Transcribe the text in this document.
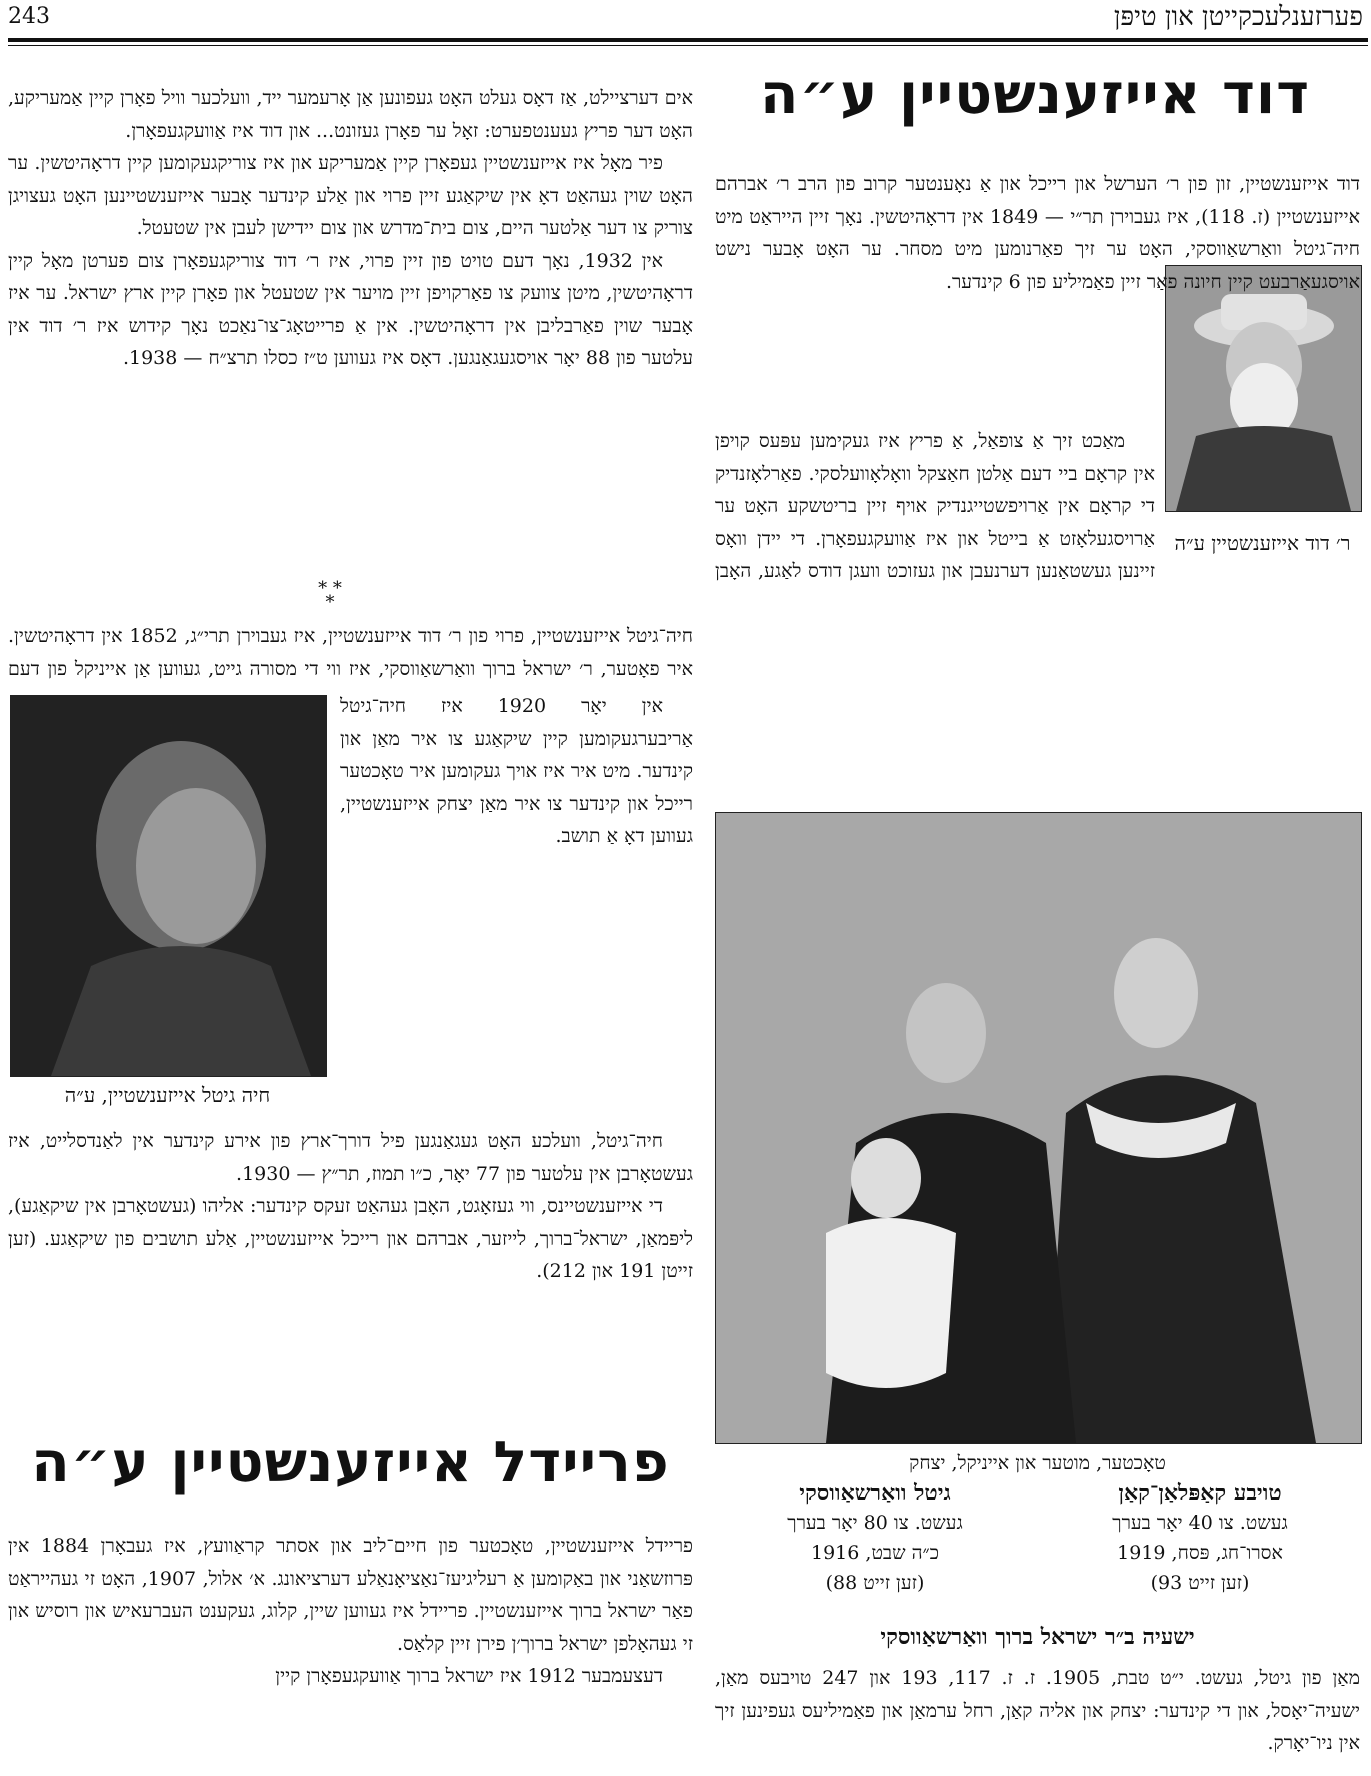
243	פערזענלעכקייטן און טיפּן
דוד אייזענשטיין ע״ה
ר׳ דוד אייזענשטיין ע״ה

דוד אייזענשטיין, זון פון ר׳ הערשל און רייכל און אַ נאָענטער קרוב פון הרב ר׳ אברהם אייזענשטיין (ז. 118), איז געבוירן תר״י — 1849 אין דראָהיטשין. נאָך זיין הייראַט מיט חיה־גיטל וואַרשאַווסקי, האָט ער זיך פאַרנומען מיט מסחר. ער האָט אָבער נישט אויסגעאַרבעט קיין חיונה פאַר זיין פאַמיליע פון 6 קינדער.

מאַכט זיך אַ צופאַל, אַ פריץ איז געקימען עפּעס קויפן אין קראָם ביי דעם אַלטן חאַצקל וואָלאָוועלסקי. פאַרלאָזנדיק די קראָם אין אַרויפשטייגנדיק אויף זיין בריטשקע האָט ער אַרויסגעלאָזט אַ בייטל און איז אַוועקגעפאָרן. די יידן וואָס זיינען געשטאַנען דערנעבן און געזוכט וועגן דודס לאַגע, האָבן

טאָכטער, מוטער און אייניקל, יצחק
טויבע קאַפּלאַן־קאַן
געשט. צו 40 יאָר בערך
אסרו־חג, פּסח, 1919
(זען זייט 93)
גיטל וואַרשאַווסקי
געשט. צו 80 יאָר בערך
כ״ה שבט, 1916
(זען זייט 88)
ישעיה ב״ר ישראל ברוך וואַרשאַווסקי

מאַן פון גיטל, געשט. י״ט טבת, 1905. ז. ז. 117, 193 און 247 טויבעס מאַן, ישעיה־יאָסל, און די קינדער: יצחק און אליה קאַן, רחל ערמאַן און פאַמיליעס געפינען זיך אין ניו־יאָרק.

אים דערציילט, אַז דאָס געלט האָט געפונען אַן אָרעמער ייד, וועלכער וויל פאָרן קיין אַמעריקע, האָט דער פריץ געענטפערט: זאָל ער פאָרן געזונט... און דוד איז אַוועקגעפאָרן.

פיר מאָל איז אייזענשטיין געפאָרן קיין אַמעריקע און איז צוריקגעקומען קיין דראָהיטשין. ער האָט שוין געהאַט דאָ אין שיקאַגע זיין פרוי און אַלע קינדער אָבער אייזענשטיינען האָט געצויגן צוריק צו דער אַלטער היים, צום בית־מדרש און צום יידישן לעבן אין שטעטל.

אין 1932, נאָך דעם טויט פון זיין פרוי, איז ר׳ דוד צוריקגעפאָרן צום פערטן מאָל קיין דראָהיטשין, מיטן צוועק צו פאַרקויפן זיין מויער אין שטעטל און פאָרן קיין ארץ ישראל. ער איז אָבער שוין פאַרבליבן אין דראָהיטשין. אין אַ פרייטאָג־צו־נאַכט נאָך קידוש איז ר׳ דוד אין עלטער פון 88 יאָר אויסגעגאַנגען. דאָס איז געווען ט״ז כסלו תרצ״ח — 1938.

* *
*

חיה־גיטל אייזענשטיין, פרוי פון ר׳ דוד אייזענשטיין, איז געבוירן תרי״ג, 1852 אין דראָהיטשין. איר פאָטער, ר׳ ישראל ברוך וואַרשאַווסקי, איז ווי די מסורה גייט, געווען אַן אייניקל פון דעם

חיה גיטל אייזענשטיין, ע״ה

אין יאָר 1920 איז חיה־גיטל אַריבערגעקומען קיין שיקאַגע צו איר מאַן און קינדער. מיט איר איז אויך געקומען איר טאָכטער רייכל און קינדער צו איר מאַן יצחק אייזענשטיין, געווען דאָ אַ תושב.

חיה־גיטל, וועלכע האָט געגאַנגען פיל דורך־ארץ פון אירע קינדער אין לאַנדסלייט, איז געשטאָרבן אין עלטער פון 77 יאָר, כ״ו תמוז, תר״ץ — 1930.

די אייזענשטיינס, ווי געזאָגט, האָבן געהאַט זעקס קינדער: אליהו (געשטאָרבן אין שיקאַגע), ליפּמאַן, ישראל־ברוך, לייזער, אברהם און רייכל אייזענשטיין, אַלע תושבים פון שיקאַגע. (זען זייטן 191 און 212).

פריידל אייזענשטיין ע״ה

פריידל אייזענשטיין, טאָכטער פון חיים־ליב און אסתר קראַוועץ, איז געבאָרן 1884 אין פּרוזשאַני און באַקומען אַ רעליגיעז־נאַציאָנאַלע דערציאונג. א׳ אלול, 1907, האָט זי געהייראַט פאַר ישראל ברוך אייזענשטיין. פריידל איז געווען שיין, קלוג, געקענט העברעאיש און רוסיש און זי געהאָלפן ישראל ברוך׳ן פירן זיין קלאַס.

דעצעמבער 1912 איז ישראל ברוך אַוועקגעפאָרן קיין
